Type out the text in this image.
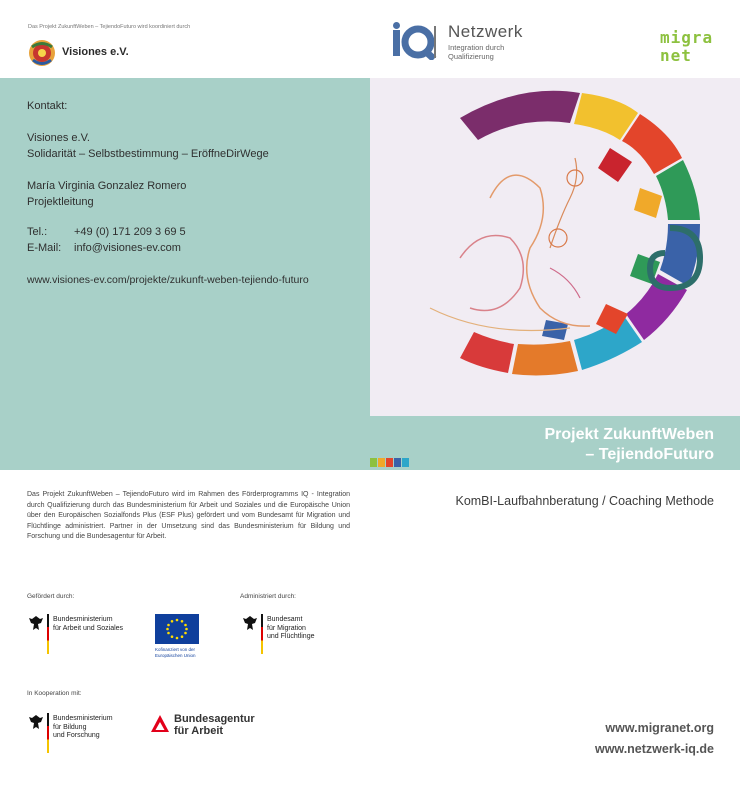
Das Projekt ZukunftWeben – TejiendoFuturo wird koordiniert durch
Visiones e.V.
Netzwerk
Integration durch
Qualifizierung
migra
net
Kontakt:
Visiones e.V.
Solidarität – Selbstbestimmung – EröffneDirWege
María Virginia Gonzalez Romero
Projektleitung
Tel.: +49 (0) 171 209 3 69 5
E-Mail: info@visiones-ev.com
www.visiones-ev.com/projekte/zukunft-weben-tejiendo-futuro
Projekt ZukunftWeben
– TejiendoFuturo
Das Projekt ZukunftWeben – TejiendoFuturo wird im Rahmen des Förderprogramms IQ - Integration durch Qualifizierung durch das Bundesministerium für Arbeit und Soziales und die Europäische Union über den Europäischen Sozialfonds Plus (ESF Plus) gefördert und vom Bundesamt für Migration und Flüchtlinge administriert. Partner in der Umsetzung sind das Bundesministerium für Bildung und Forschung und die Bundesagentur für Arbeit.
Gefördert durch:	Administriert durch:
Bundesministerium
für Arbeit und Soziales
Kofinanziert von der Europäischen Union
Bundesamt
für Migration
und Flüchtlinge
In Kooperation mit:
Bundesministerium
für Bildung
und Forschung
Bundesagentur
für Arbeit
KomBI-Laufbahnberatung / Coaching Methode
www.migranet.org
www.netzwerk-iq.de
